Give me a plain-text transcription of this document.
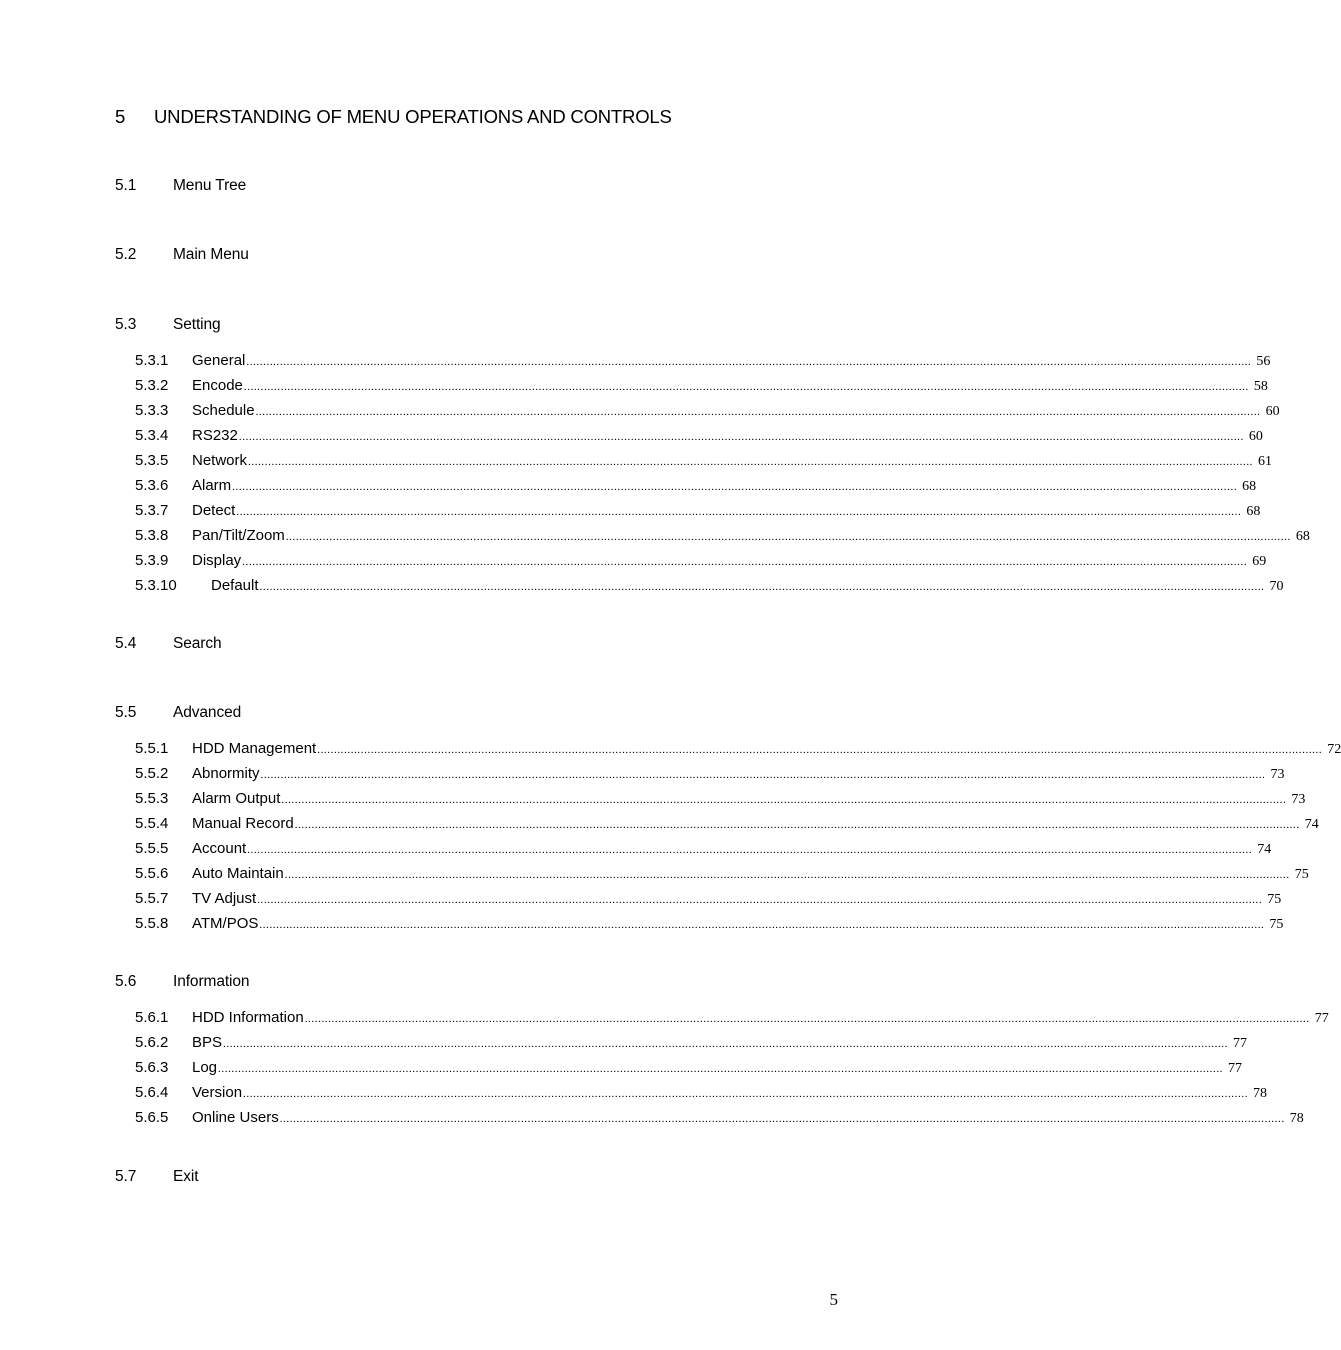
5 UNDERSTANDING OF MENU OPERATIONS AND CONTROLS
5.1 Menu Tree
5.2 Main Menu
5.3 Setting
5.3.1	General ............................................................................................................................................................................................................................................................................................................ 56
5.3.2	Encode ............................................................................................................................................................................................................................................................................................................ 58
5.3.3	Schedule ............................................................................................................................................................................................................................................................................................................ 60
5.3.4	RS232 ............................................................................................................................................................................................................................................................................................................ 60
5.3.5	Network ............................................................................................................................................................................................................................................................................................................ 61
5.3.6	Alarm ............................................................................................................................................................................................................................................................................................................ 68
5.3.7	Detect ............................................................................................................................................................................................................................................................................................................ 68
5.3.8	Pan/Tilt/Zoom ............................................................................................................................................................................................................................................................................................................ 68
5.3.9	Display ............................................................................................................................................................................................................................................................................................................ 69
5.3.10	Default ............................................................................................................................................................................................................................................................................................................ 70
5.4 Search
5.5 Advanced
5.5.1	HDD Management ............................................................................................................................................................................................................................................................................................................ 72
5.5.2	Abnormity ............................................................................................................................................................................................................................................................................................................ 73
5.5.3	Alarm Output ............................................................................................................................................................................................................................................................................................................ 73
5.5.4	Manual Record ............................................................................................................................................................................................................................................................................................................ 74
5.5.5	Account ............................................................................................................................................................................................................................................................................................................ 74
5.5.6	Auto Maintain ............................................................................................................................................................................................................................................................................................................ 75
5.5.7	TV Adjust ............................................................................................................................................................................................................................................................................................................ 75
5.5.8	ATM/POS ............................................................................................................................................................................................................................................................................................................ 75
5.6 Information
5.6.1	HDD Information ............................................................................................................................................................................................................................................................................................................ 77
5.6.2	BPS ............................................................................................................................................................................................................................................................................................................ 77
5.6.3	Log ............................................................................................................................................................................................................................................................................................................ 77
5.6.4	Version ............................................................................................................................................................................................................................................................................................................ 78
5.6.5	Online Users ............................................................................................................................................................................................................................................................................................................ 78
5.7 Exit
5
